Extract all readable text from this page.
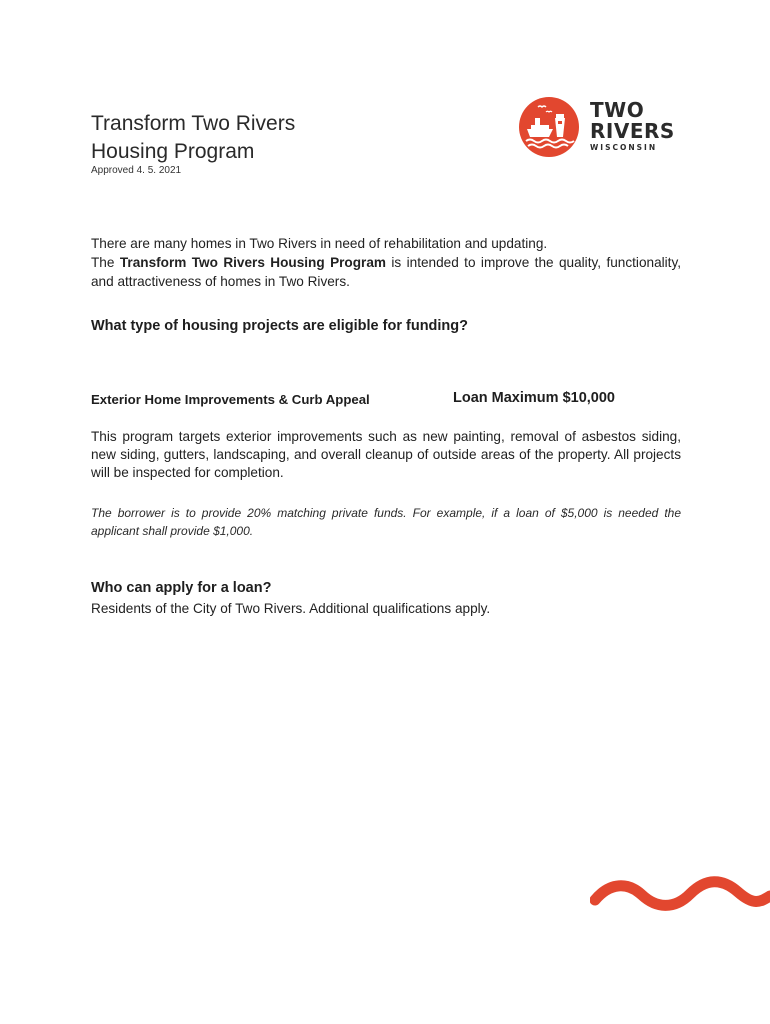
Transform Two Rivers
Housing Program
Approved 4. 5. 2021
TWO
RIVERS
WISCONSIN

There are many homes in Two Rivers in need of rehabilitation and updating.
The Transform Two Rivers Housing Program is intended to improve the quality, functionality, and attractiveness of homes in Two Rivers.

What type of housing projects are eligible for funding?
Exterior Home Improvements & Curb Appeal	Loan Maximum $10,000

This program targets exterior improvements such as new painting, removal of asbestos siding, new siding, gutters, landscaping, and overall cleanup of outside areas of the property. All projects will be inspected for completion.

The borrower is to provide 20% matching private funds. For example, if a loan of $5,000 is needed the applicant shall provide $1,000.

Who can apply for a loan?

Residents of the City of Two Rivers. Additional qualifications apply.
